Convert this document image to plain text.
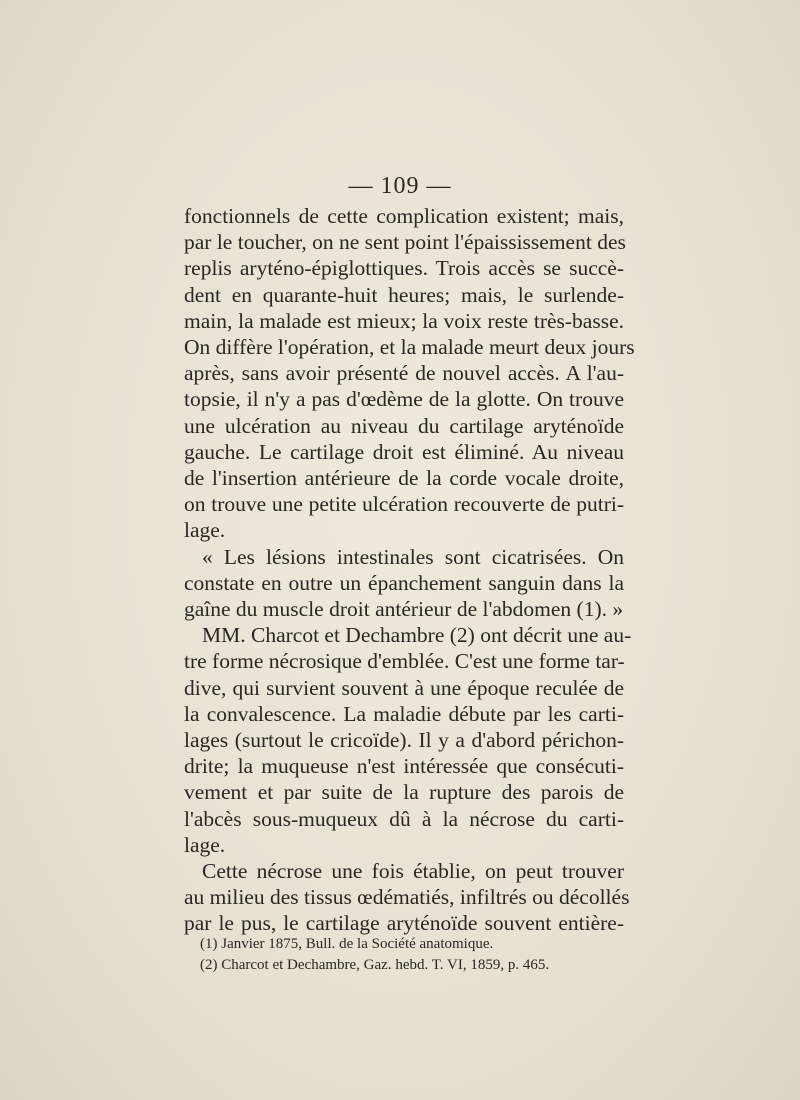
— 109 —
fonctionnels de cette complication existent; mais,
par le toucher, on ne sent point l'épaississement des
replis aryténo-épiglottiques. Trois accès se succè-
dent en quarante-huit heures; mais, le surlende-
main, la malade est mieux; la voix reste très-basse.
On diffère l'opération, et la malade meurt deux jours
après, sans avoir présenté de nouvel accès. A l'au-
topsie, il n'y a pas d'œdème de la glotte. On trouve
une ulcération au niveau du cartilage aryténoïde
gauche. Le cartilage droit est éliminé. Au niveau
de l'insertion antérieure de la corde vocale droite,
on trouve une petite ulcération recouverte de putri-
lage.
« Les lésions intestinales sont cicatrisées. On
constate en outre un épanchement sanguin dans la
gaîne du muscle droit antérieur de l'abdomen (1). »
MM. Charcot et Dechambre (2) ont décrit une au-
tre forme nécrosique d'emblée. C'est une forme tar-
dive, qui survient souvent à une époque reculée de
la convalescence. La maladie débute par les carti-
lages (surtout le cricoïde). Il y a d'abord périchon-
drite; la muqueuse n'est intéressée que consécuti-
vement et par suite de la rupture des parois de
l'abcès sous-muqueux dû à la nécrose du carti-
lage.
Cette nécrose une fois établie, on peut trouver
au milieu des tissus œdématiés, infiltrés ou décollés
par le pus, le cartilage aryténoïde souvent entière-
(1) Janvier 1875, Bull. de la Société anatomique.
(2) Charcot et Dechambre, Gaz. hebd. T. VI, 1859, p. 465.
